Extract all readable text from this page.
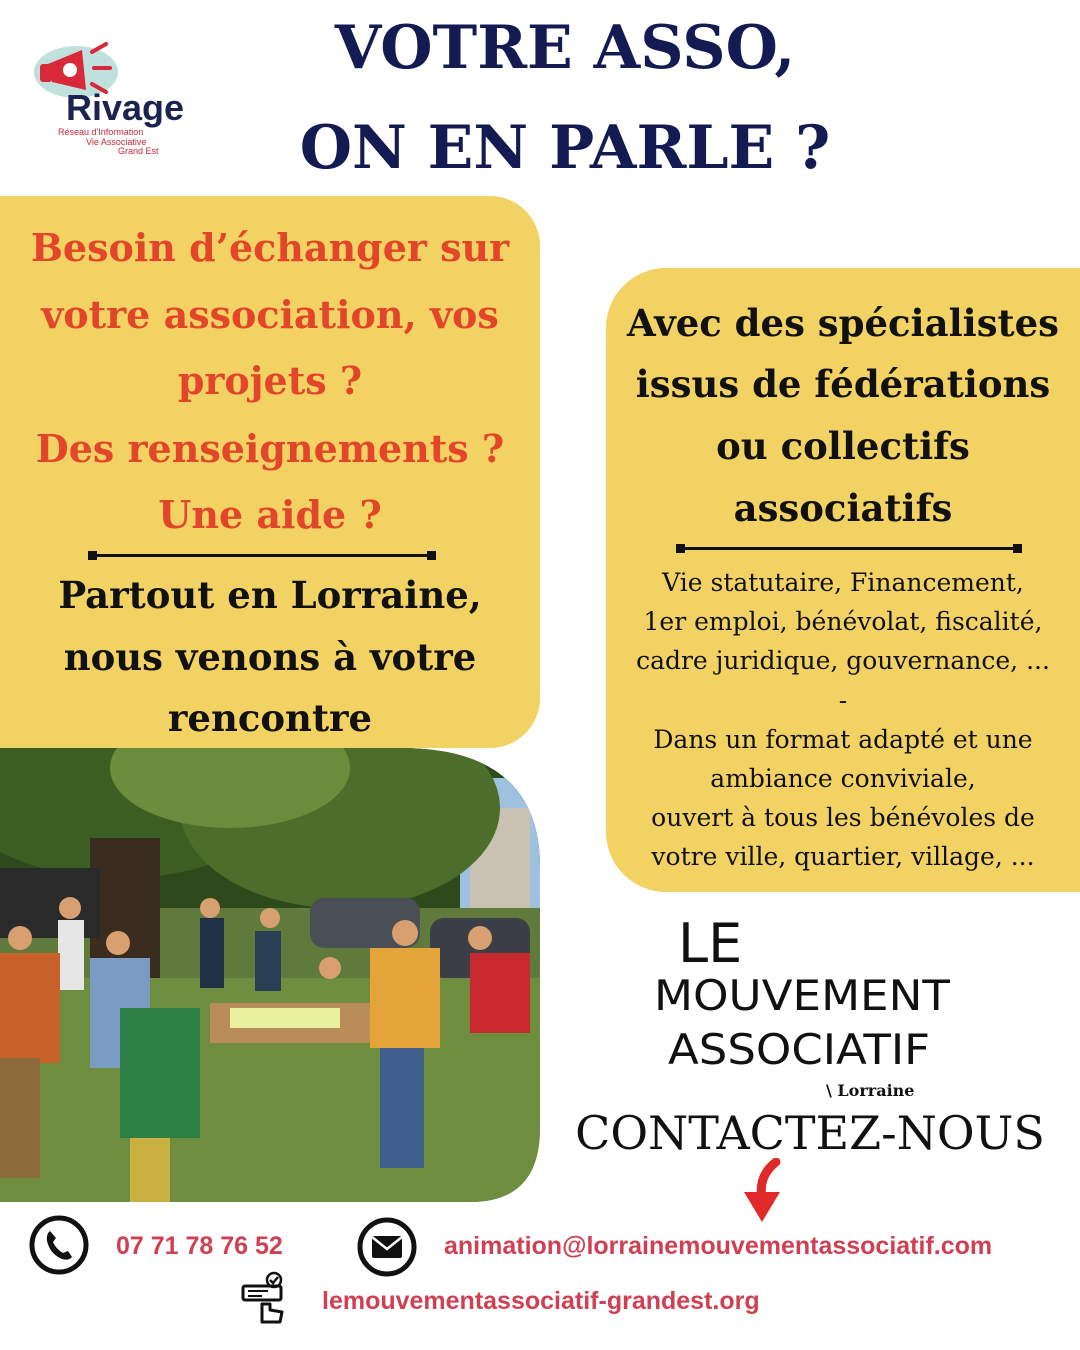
Rivage
Réseau d'Information
Vie Associative
Grand Est
VOTRE ASSO,
ON EN PARLE ?

Besoin d’échanger sur

votre association, vos

projets ?

Des renseignements ?

Une aide ?

Partout en Lorraine,

nous venons à votre

rencontre

Avec des spécialistes

issus de fédérations

ou collectifs

associatifs

Vie statutaire, Financement,

1er emploi, bénévolat, fiscalité,

cadre juridique, gouvernance, ...

-

Dans un format adapté et une

ambiance conviviale,

ouvert à tous les bénévoles de

votre ville, quartier, village, ...

LE
MOUVEMENT
ASSOCIATIF
\ Lorraine

CONTACTEZ-NOUS

07 71 78 76 52	animation@lorrainemouvementassociatif.com
lemouvementassociatif-grandest.org
